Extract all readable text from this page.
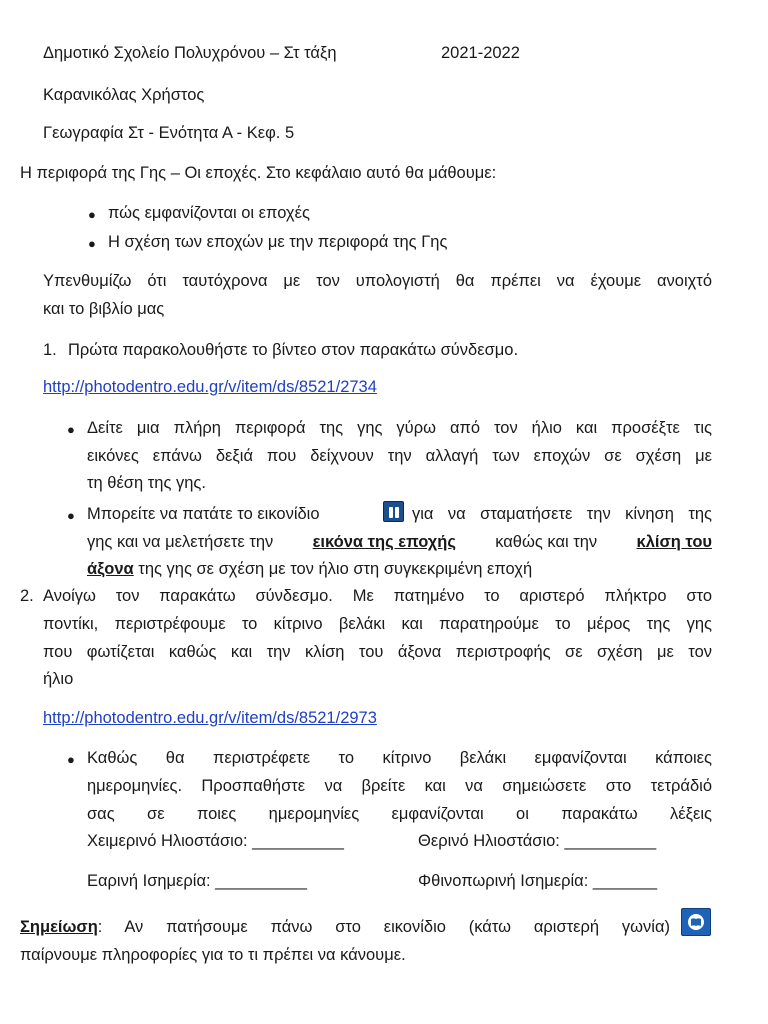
Δημοτικό Σχολείο Πολυχρόνου – Στ τάξη	2021-2022
Καρανικόλας Χρήστος
Γεωγραφία Στ - Ενότητα Α - Κεφ. 5
Η περιφορά της Γης – Οι εποχές. Στο κεφάλαιο αυτό θα μάθουμε:
● πώς εμφανίζονται οι εποχές
● Η σχέση των εποχών με την περιφορά της Γης
Υπενθυμίζω ότι ταυτόχρονα με τον υπολογιστή θα πρέπει να έχουμε ανοιχτό
και το βιβλίο μας
1. Πρώτα παρακολουθήστε το βίντεο στον παρακάτω σύνδεσμο.
http://photodentro.edu.gr/v/item/ds/8521/2734
● Δείτε μια πλήρη περιφορά της γης γύρω από τον ήλιο και προσέξτε τις
εικόνες επάνω δεξιά που δείχνουν την αλλαγή των εποχών σε σχέση με
τη θέση της γης.
● Μπορείτε να πατάτε το εικονίδιο	για να σταματήσετε την κίνηση της
γης και να μελετήσετε την εικόνα της εποχής καθώς και την κλίση του
άξονα της γης σε σχέση με τον ήλιο στη συγκεκριμένη εποχή
2. Ανοίγω τον παρακάτω σύνδεσμο. Με πατημένο το αριστερό πλήκτρο στο
ποντίκι, περιστρέφουμε το κίτρινο βελάκι και παρατηρούμε το μέρος της γης
που φωτίζεται καθώς και την κλίση του άξονα περιστροφής σε σχέση με τον
ήλιο
http://photodentro.edu.gr/v/item/ds/8521/2973
● Καθώς θα περιστρέφετε το κίτρινο βελάκι εμφανίζονται κάποιες
ημερομηνίες. Προσπαθήστε να βρείτε και να σημειώσετε στο τετράδιό
σας σε ποιες ημερομηνίες εμφανίζονται οι παρακάτω λέξεις
Χειμερινό Ηλιοστάσιο: __________	Θερινό Ηλιοστάσιο: __________
Εαρινή Ισημερία: __________	Φθινοπωρινή Ισημερία: _______
Σημείωση : Αν πατήσουμε πάνω στο εικονίδιο (κάτω αριστερή γωνία)
παίρνουμε πληροφορίες για το τι πρέπει να κάνουμε.
